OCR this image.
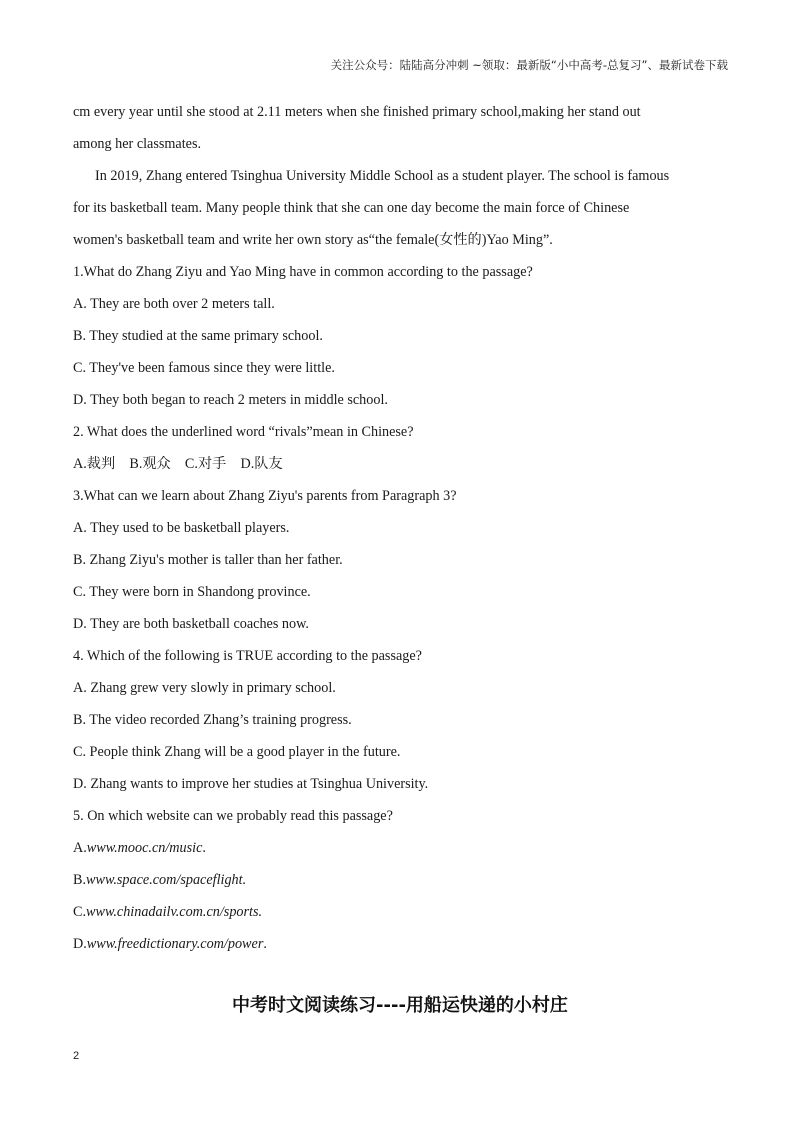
关注公众号：陆陆高分冲刺 ~领取：最新版“小中高考-总复习”、最新试卷下载

cm every year until she stood at 2.11 meters when she finished primary school,making her stand out

among her classmates.

In 2019, Zhang entered Tsinghua University Middle School as a student player. The school is famous

for its basketball team. Many people think that she can one day become the main force of Chinese

women's basketball team and write her own story as“the female(女性的)Yao Ming”.

1.What do Zhang Ziyu and Yao Ming have in common according to the passage?

A. They are both over 2 meters tall.

B. They studied at the same primary school.

C. They've been famous since they were little.

D. They both began to reach 2 meters in middle school.

2. What does the underlined word “rivals”mean in Chinese?

A.裁判　B.观众　C.对手　D.队友

3.What can we learn about Zhang Ziyu's parents from Paragraph 3?

A. They used to be basketball players.

B. Zhang Ziyu's mother is taller than her father.

C. They were born in Shandong province.

D. They are both basketball coaches now.

4. Which of the following is TRUE according to the passage?

A. Zhang grew very slowly in primary school.

B. The video recorded Zhang’s training progress.

C. People think Zhang will be a good player in the future.

D. Zhang wants to improve her studies at Tsinghua University.

5. On which website can we probably read this passage?

A.www.mooc.cn/music.

B.www.space.com/spaceflight.

C.www.chinadailv.com.cn/sports.

D.www.freedictionary.com/power.

中考时文阅读练习----用船运快递的小村庄
2
